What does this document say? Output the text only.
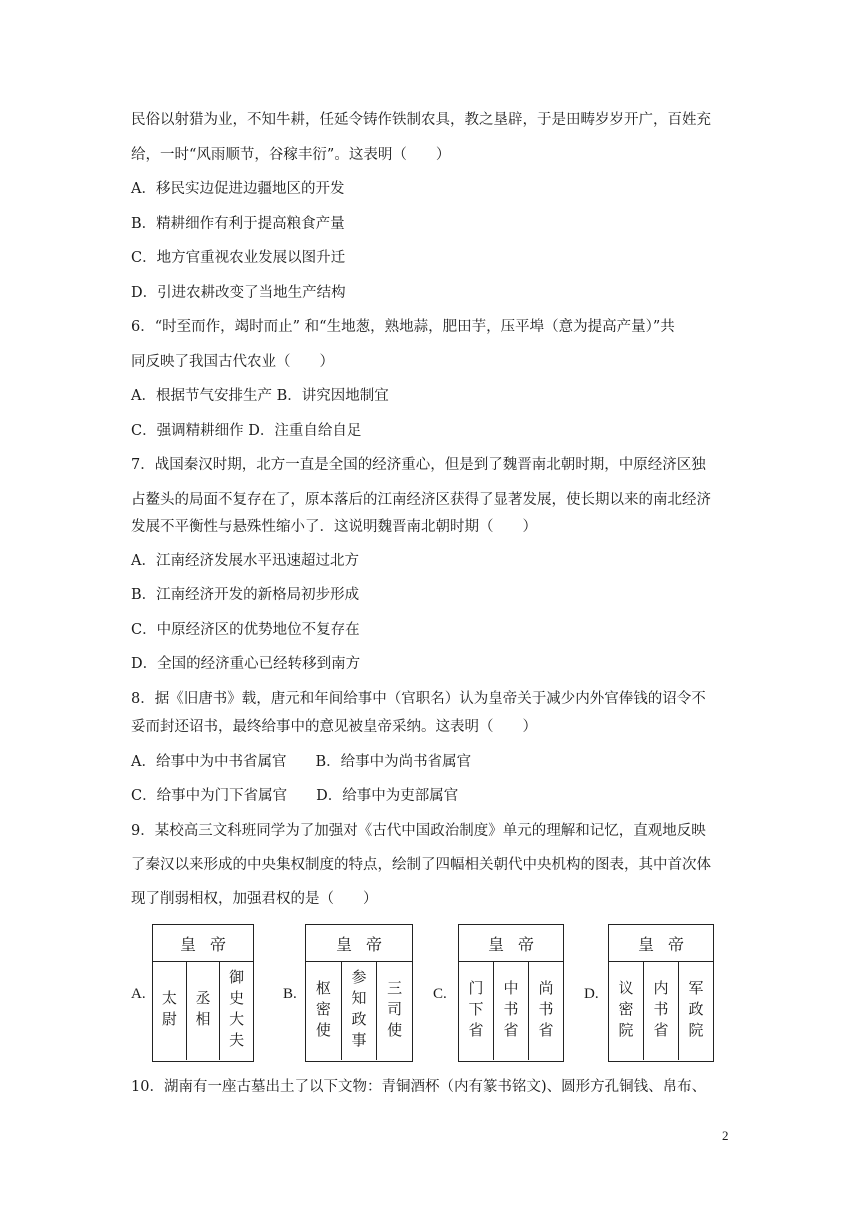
民俗以射猎为业，不知牛耕，任延令铸作铁制农具，教之垦辟，于是田畴岁岁开广，百姓充
给，一时“风雨顺节，谷稼丰衍”。这表明（　　）
A．移民实边促进边疆地区的开发
B．精耕细作有利于提高粮食产量
C．地方官重视农业发展以图升迁
D．引进农耕改变了当地生产结构
6．“时至而作，竭时而止” 和“生地葱，熟地蒜，肥田芋，压平埠（意为提高产量）”共
同反映了我国古代农业（　　）
A．根据节气安排生产 B．讲究因地制宜
C．强调精耕细作 D．注重自给自足
7．战国秦汉时期，北方一直是全国的经济重心，但是到了魏晋南北朝时期，中原经济区独
占鳌头的局面不复存在了，原本落后的江南经济区获得了显著发展，使长期以来的南北经济
发展不平衡性与悬殊性缩小了．这说明魏晋南北朝时期（　　）
A．江南经济发展水平迅速超过北方
B．江南经济开发的新格局初步形成
C．中原经济区的优势地位不复存在
D．全国的经济重心已经转移到南方
8．据《旧唐书》载，唐元和年间给事中（官职名）认为皇帝关于减少内外官俸钱的诏令不
妥而封还诏书，最终给事中的意见被皇帝采纳。这表明（　　）
A．给事中为中书省属官　　B．给事中为尚书省属官
C．给事中为门下省属官　　D．给事中为吏部属官
9．某校高三文科班同学为了加强对《古代中国政治制度》单元的理解和记忆，直观地反映
了秦汉以来形成的中央集权制度的特点，绘制了四幅相关朝代中央机构的图表，其中首次体
现了削弱相权，加强君权的是（　　）
A.
皇帝
太尉 丞相 御史大夫	B.
皇帝
枢密使 参知政事 三司使 C.
皇帝
门下省 中书省 尚书省 D.
皇帝
议密院 内书省 军政院
10．湖南有一座古墓出土了以下文物：青铜酒杯（内有篆书铭文)、圆形方孔铜钱、帛布、
2
